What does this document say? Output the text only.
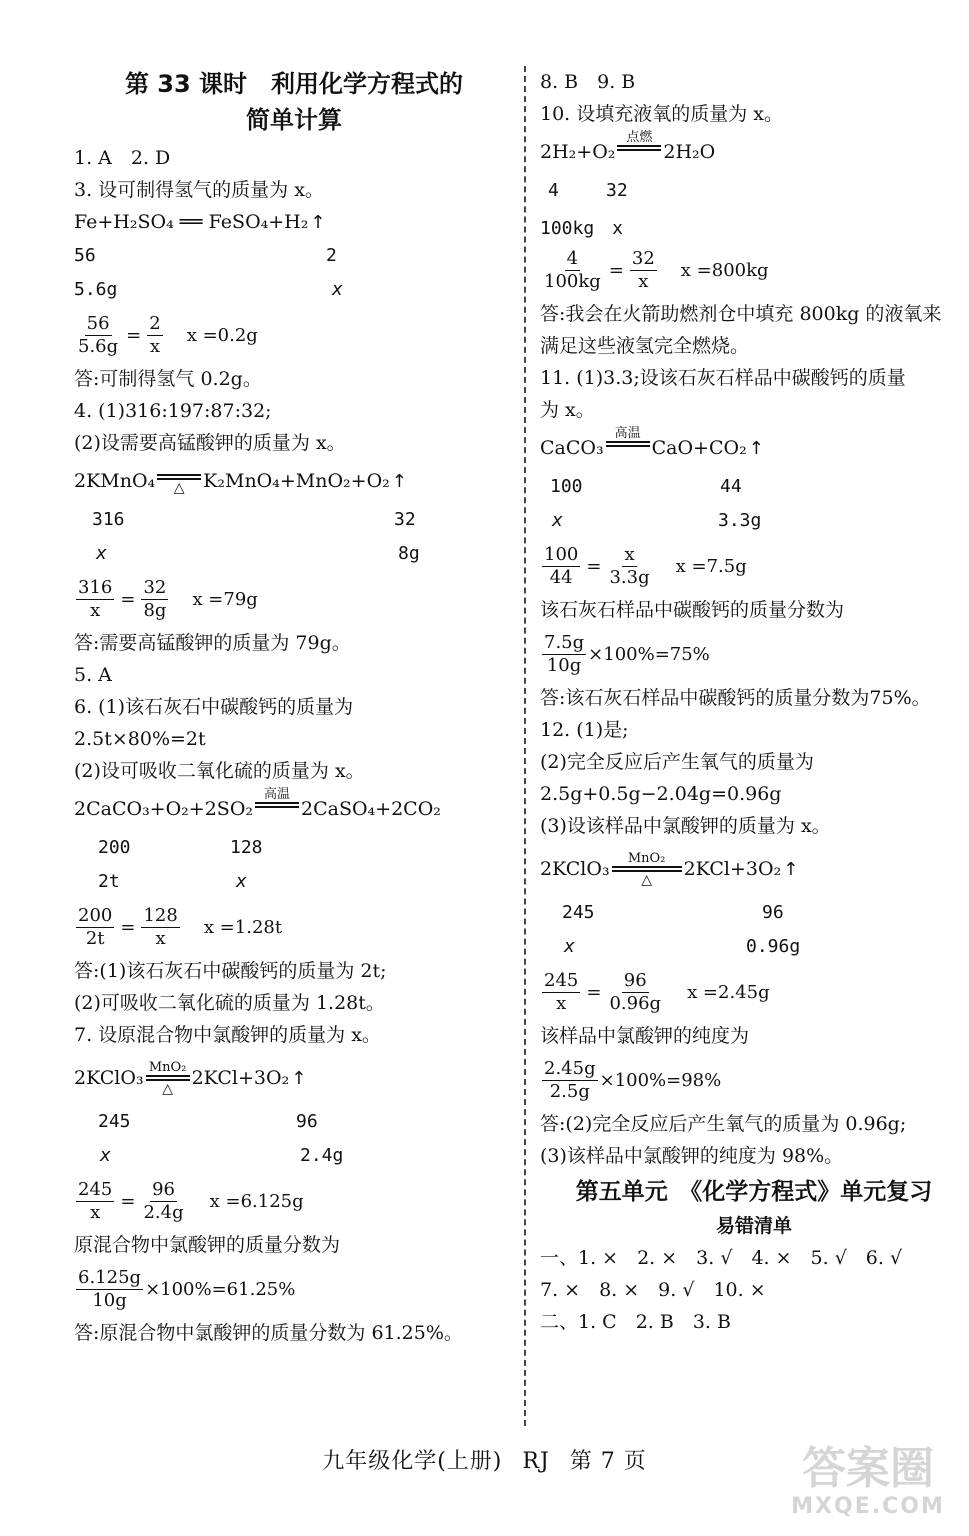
第 33 课时　利用化学方程式的
简单计算
1. A　2. D
3. 设可制得氢气的质量为 x。
Fe+H₂SO₄ ══ FeSO₄+H₂ ↑
56	2
5.6g	x
$\frac{56}{5.6g} = \frac{2}{x}$ x =0.2g
答:可制得氢气 0.2g。
4. (1)316:197:87:32;
(2)设需要高锰酸钾的质量为 x。
2KMnO₄ △ K₂MnO₄+MnO₂+O₂ ↑
316	32
x	8g
$\frac{316}{x} = \frac{32}{8g}$ x =79g
答:需要高锰酸钾的质量为 79g。
5. A
6. (1)该石灰石中碳酸钙的质量为
2.5t×80%=2t
(2)设可吸收二氧化硫的质量为 x。
2CaCO₃+O₂+2SO₂
高温
2CaSO₄+2CO₂
200	128
2t	x
$\frac{200}{2t} = \frac{128}{x}$ x =1.28t
答:(1)该石灰石中碳酸钙的质量为 2t;
(2)可吸收二氧化硫的质量为 1.28t。
7. 设原混合物中氯酸钾的质量为 x。
2KClO₃ MnO₂
△ 2KCl+3O₂ ↑
245	96
x	2.4g
$\frac{245}{x} = \frac{96}{2.4g}$ x =6.125g
原混合物中氯酸钾的质量分数为
$\frac{6.125g}{10g} \times 100\%=61.25\%$
答:原混合物中氯酸钾的质量分数为 61.25%。
8. B　9. B
10. 设填充液氧的质量为 x。
2H₂+O₂
点燃
2H₂O
4	32
100kg　x
$\frac{4}{100kg} = \frac{32}{x}$ x =800kg
答:我会在火箭助燃剂仓中填充 800kg 的液氧来
满足这些液氢完全燃烧。
11. (1)3.3;设该石灰石样品中碳酸钙的质量
为 x。
CaCO₃
高温
CaO+CO₂ ↑
100	44
x	3.3g
$\frac{100}{44} = \frac{x}{3.3g}$ x =7.5g
该石灰石样品中碳酸钙的质量分数为
$\frac{7.5g}{10g} \times 100\%=75\%$
答:该石灰石样品中碳酸钙的质量分数为75%。
12. (1)是;
(2)完全反应后产生氧气的质量为
2.5g+0.5g−2.04g=0.96g
(3)设该样品中氯酸钾的质量为 x。
2KClO₃ MnO₂
△ 2KCl+3O₂ ↑
245	96
x	0.96g
$\frac{245}{x} = \frac{96}{0.96g}$ x =2.45g
该样品中氯酸钾的纯度为
$\frac{2.45g}{2.5g} \times 100\%=98\%$
答:(2)完全反应后产生氧气的质量为 0.96g;
(3)该样品中氯酸钾的纯度为 98%。
第五单元　《化学方程式》单元复习
易错清单
一、1. ×　2. ×　3. √　4. ×　5. √　6. √
7. ×　8. ×　9. √　10. ×
二、1. C　2. B　3. B
九年级化学(上册) RJ 第 7 页	答案圈
MXQE.COM
